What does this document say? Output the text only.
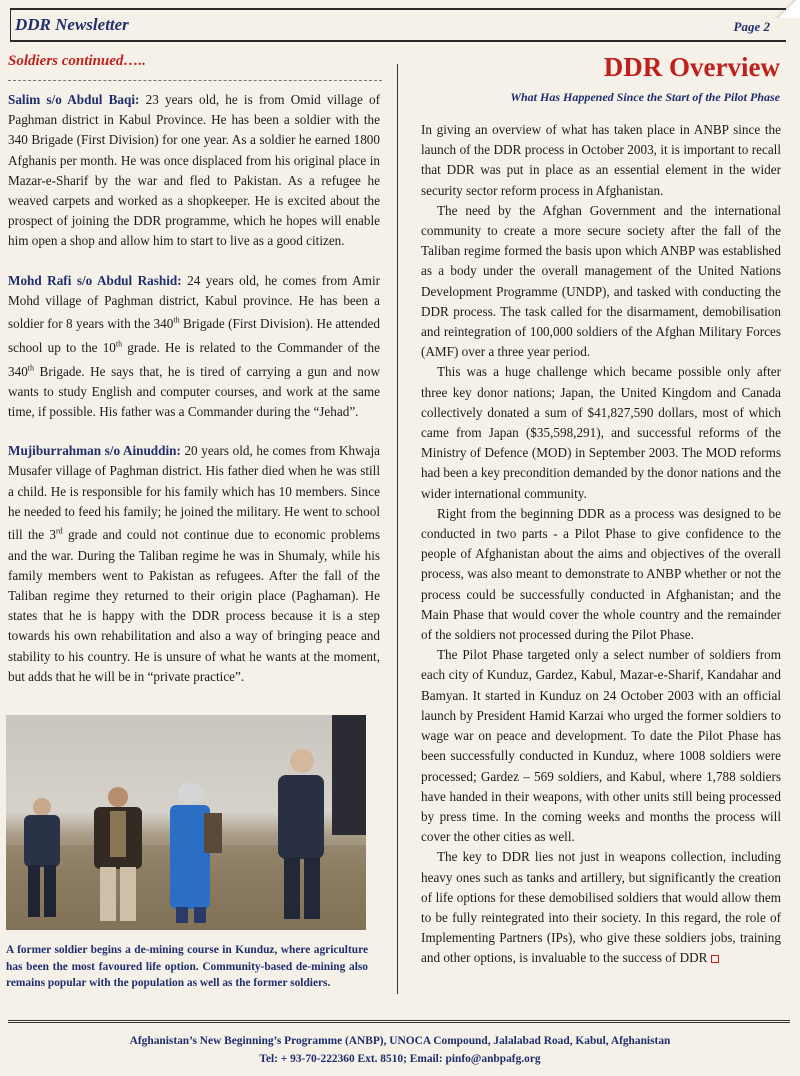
DDR Newsletter	Page 2
Soldiers continued…..

Salim s/o Abdul Baqi: 23 years old, he is from Omid village of Paghman district in Kabul Province. He has been a soldier with the 340 Brigade (First Division) for one year. As a soldier he earned 1800 Afghanis per month. He was once displaced from his original place in Mazar-e-Sharif by the war and fled to Pakistan. As a refugee he weaved carpets and worked as a shopkeeper. He is excited about the prospect of joining the DDR programme, which he hopes will enable him open a shop and allow him to start to live as a good citizen.

Mohd Rafi s/o Abdul Rashid: 24 years old, he comes from Amir Mohd village of Paghman district, Kabul province. He has been a soldier for 8 years with the 340th Brigade (First Division). He attended school up to the 10th grade. He is related to the Commander of the 340th Brigade. He says that, he is tired of carrying a gun and now wants to study English and computer courses, and work at the same time, if possible. His father was a Commander during the “Jehad”.

Mujiburrahman s/o Ainuddin: 20 years old, he comes from Khwaja Musafer village of Paghman district. His father died when he was still a child. He is responsible for his family which has 10 members. Since he needed to feed his family; he joined the military. He went to school till the 3rd grade and could not continue due to economic problems and the war. During the Taliban regime he was in Shumaly, while his family members went to Pakistan as refugees. After the fall of the Taliban regime they returned to their origin place (Paghaman). He states that he is happy with the DDR process because it is a step towards his own rehabilitation and also a way of bringing peace and stability to his country. He is unsure of what he wants at the moment, but adds that he will be in “private practice”.

A former soldier begins a de-mining course in Kunduz, where agriculture has been the most favoured life option. Community-based de-mining also remains popular with the population as well as the former soldiers.
DDR Overview
What Has Happened Since the Start of the Pilot Phase

In giving an overview of what has taken place in ANBP since the launch of the DDR process in October 2003, it is important to recall that DDR was put in place as an essential element in the wider security sector reform process in Afghanistan.

The need by the Afghan Government and the international community to create a more secure society after the fall of the Taliban regime formed the basis upon which ANBP was established as a body under the overall management of the United Nations Development Programme (UNDP), and tasked with conducting the DDR process. The task called for the disarmament, demobilisation and reintegration of 100,000 soldiers of the Afghan Military Forces (AMF) over a three year period.

This was a huge challenge which became possible only after three key donor nations; Japan, the United Kingdom and Canada collectively donated a sum of $41,827,590 dollars, most of which came from Japan ($35,598,291), and successful reforms of the Ministry of Defence (MOD) in September 2003. The MOD reforms had been a key precondition demanded by the donor nations and the wider international community.

Right from the beginning DDR as a process was designed to be conducted in two parts - a Pilot Phase to give confidence to the people of Afghanistan about the aims and objectives of the overall process, was also meant to demonstrate to ANBP whether or not the process could be successfully conducted in Afghanistan; and the Main Phase that would cover the whole country and the remainder of the soldiers not processed during the Pilot Phase.

The Pilot Phase targeted only a select number of soldiers from each city of Kunduz, Gardez, Kabul, Mazar-e-Sharif, Kandahar and Bamyan. It started in Kunduz on 24 October 2003 with an official launch by President Hamid Karzai who urged the former soldiers to wage war on peace and development. To date the Pilot Phase has been successfully conducted in Kunduz, where 1008 soldiers were processed; Gardez – 569 soldiers, and Kabul, where 1,788 soldiers have handed in their weapons, with other units still being processed by press time. In the coming weeks and months the process will cover the other cities as well.

The key to DDR lies not just in weapons collection, including heavy ones such as tanks and artillery, but significantly the creation of life options for these demobilised soldiers that would allow them to be fully reintegrated into their society. In this regard, the role of Implementing Partners (IPs), who give these soldiers jobs, training and other options, is invaluable to the success of DDR

Afghanistan’s New Beginning’s Programme (ANBP), UNOCA Compound, Jalalabad Road, Kabul, Afghanistan
Tel: + 93-70-222360 Ext. 8510; Email: pinfo@anbpafg.org
